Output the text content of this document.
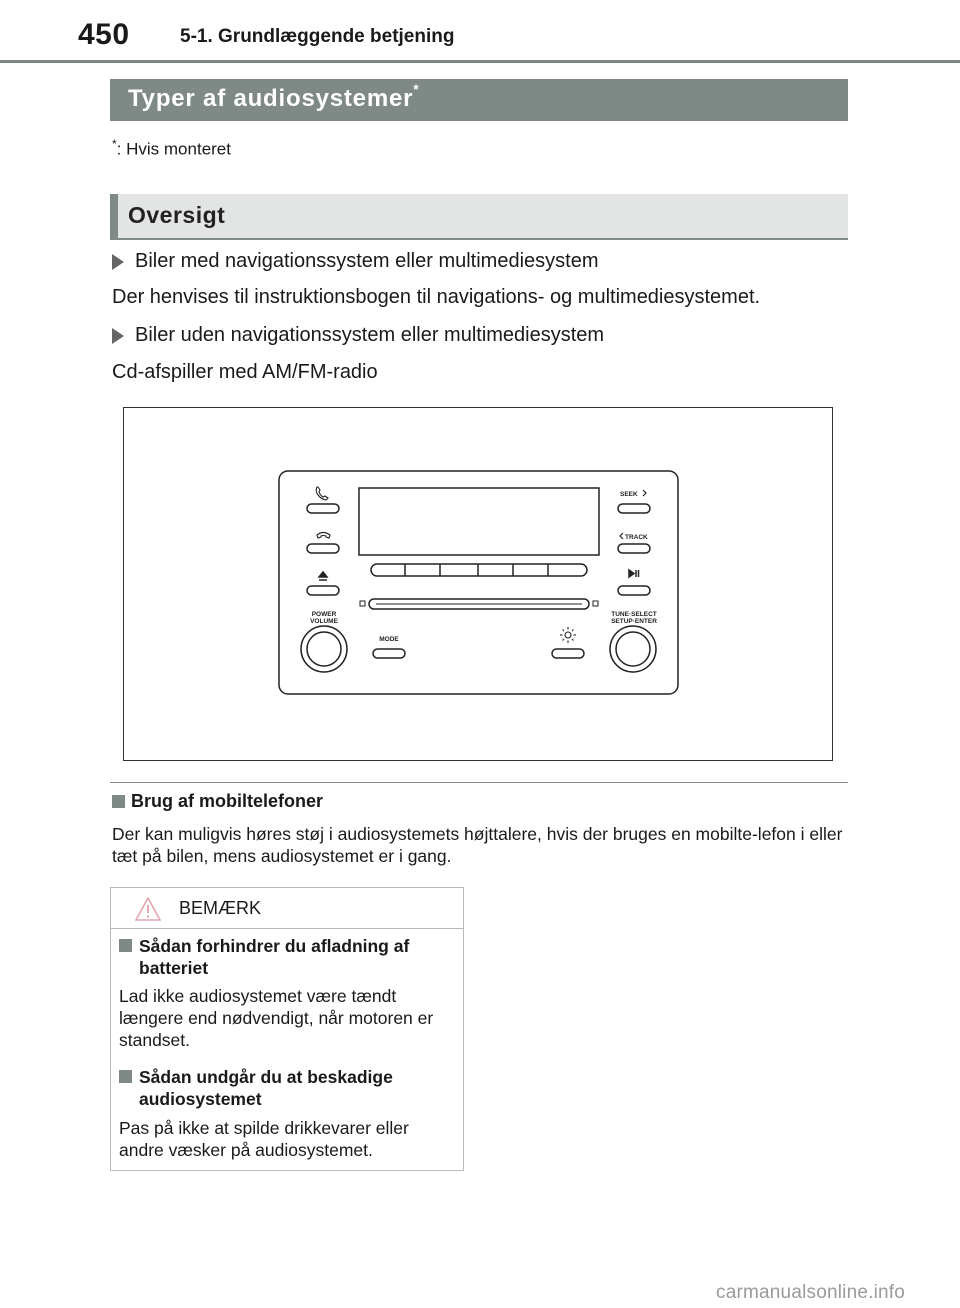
450	5-1. Grundlæggende betjening
Typer af audiosystemer*
*: Hvis monteret
Oversigt
Biler med navigationssystem eller multimediesystem
Der henvises til instruktionsbogen til navigations- og multimediesystemet.
Biler uden navigationssystem eller multimediesystem
Cd-afspiller med AM/FM-radio
SEEK
TRACK
POWER
VOLUME
TUNE·SELECT
SETUP·ENTER
MODE
Brug af mobiltelefoner
Der kan muligvis høres støj i audiosystemets højttalere, hvis der bruges en mobilte-lefon i eller tæt på bilen, mens audiosystemet er i gang.
BEMÆRK
Sådan forhindrer du afladning af batteriet
Lad ikke audiosystemet være tændt længere end nødvendigt, når motoren er standset.
Sådan undgår du at beskadige audiosystemet
Pas på ikke at spilde drikkevarer eller andre væsker på audiosystemet.
carmanualsonline.info
